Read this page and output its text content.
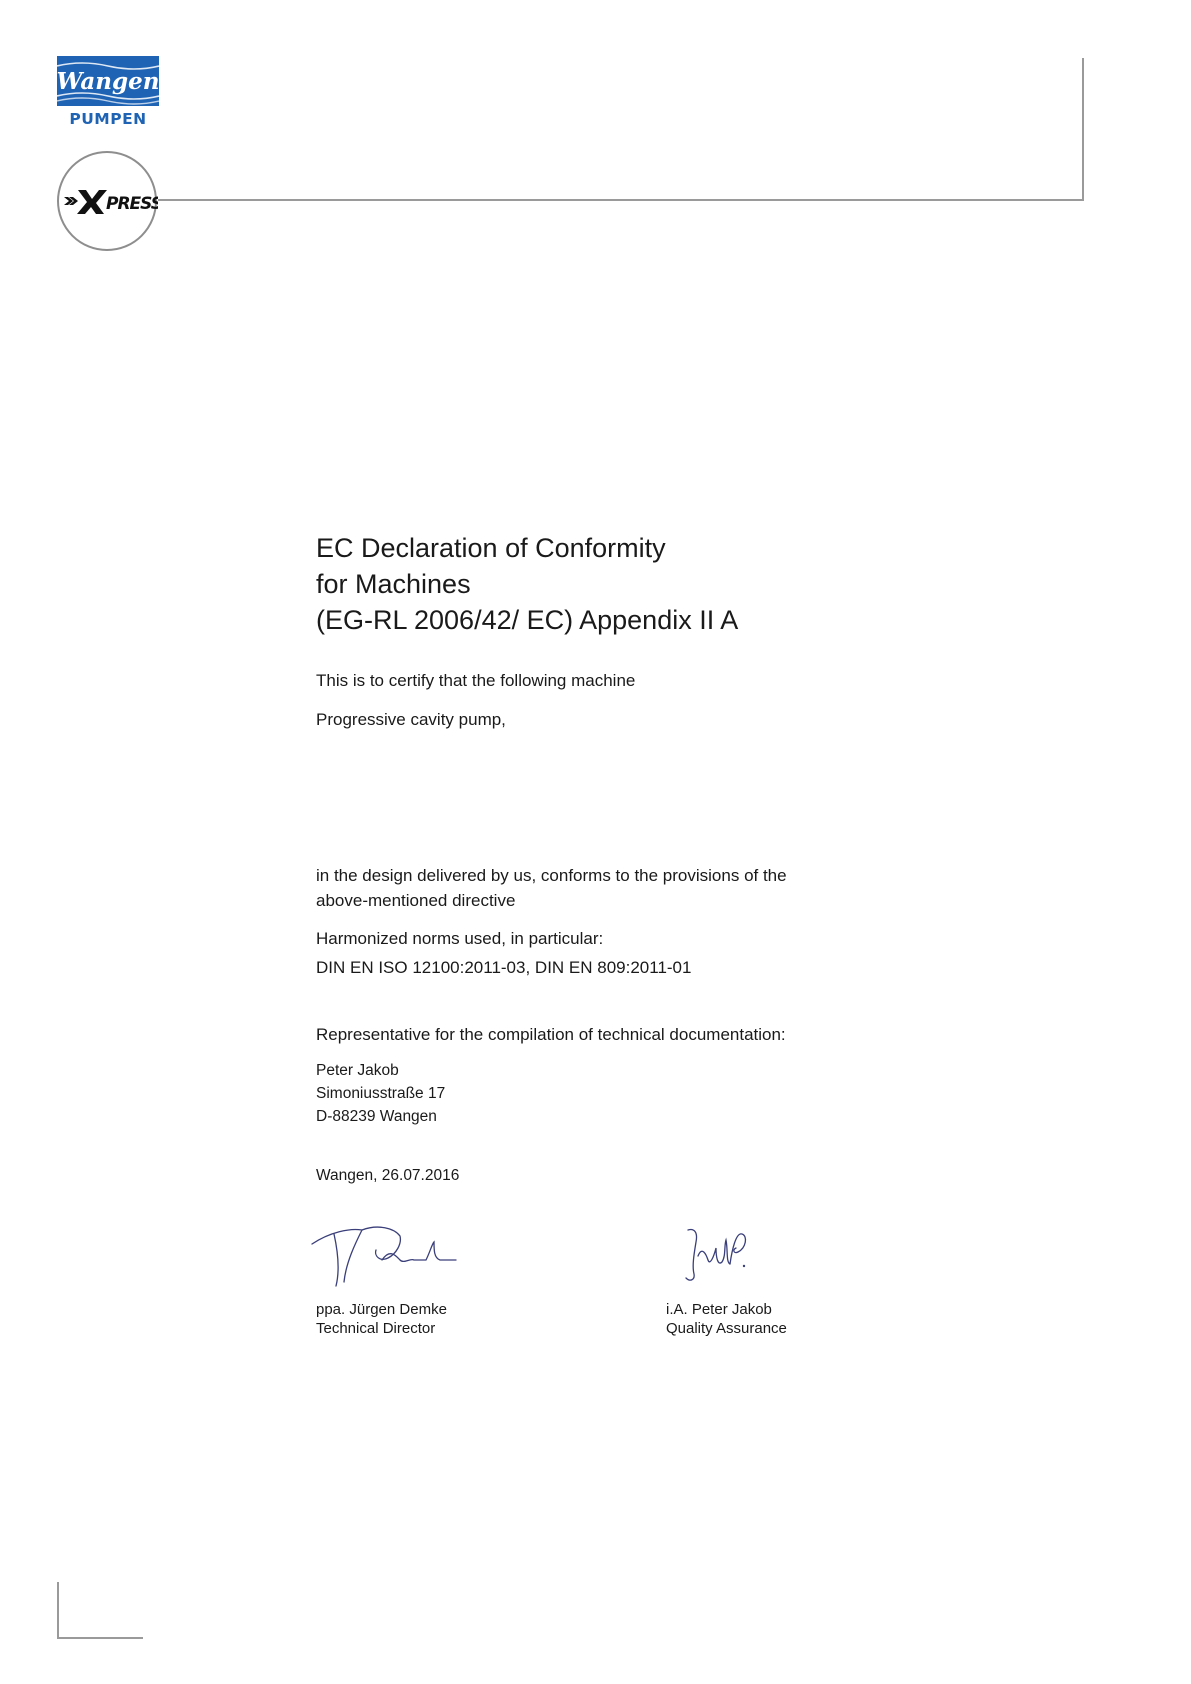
Wangen
PUMPEN
PRESS
EC Declaration of Conformity
for Machines
(EG-RL 2006/42/ EC) Appendix II A
This is to certify that the following machine
Progressive cavity pump,
in the design delivered by us, conforms to the provisions of the above-mentioned directive
Harmonized norms used, in particular:
DIN EN ISO 12100:2011-03, DIN EN 809:2011-01
Representative for the compilation of technical documentation:
Peter Jakob
Simoniusstraße 17
D-88239 Wangen
Wangen, 26.07.2016
ppa. Jürgen Demke
Technical Director
i.A. Peter Jakob
Quality Assurance
